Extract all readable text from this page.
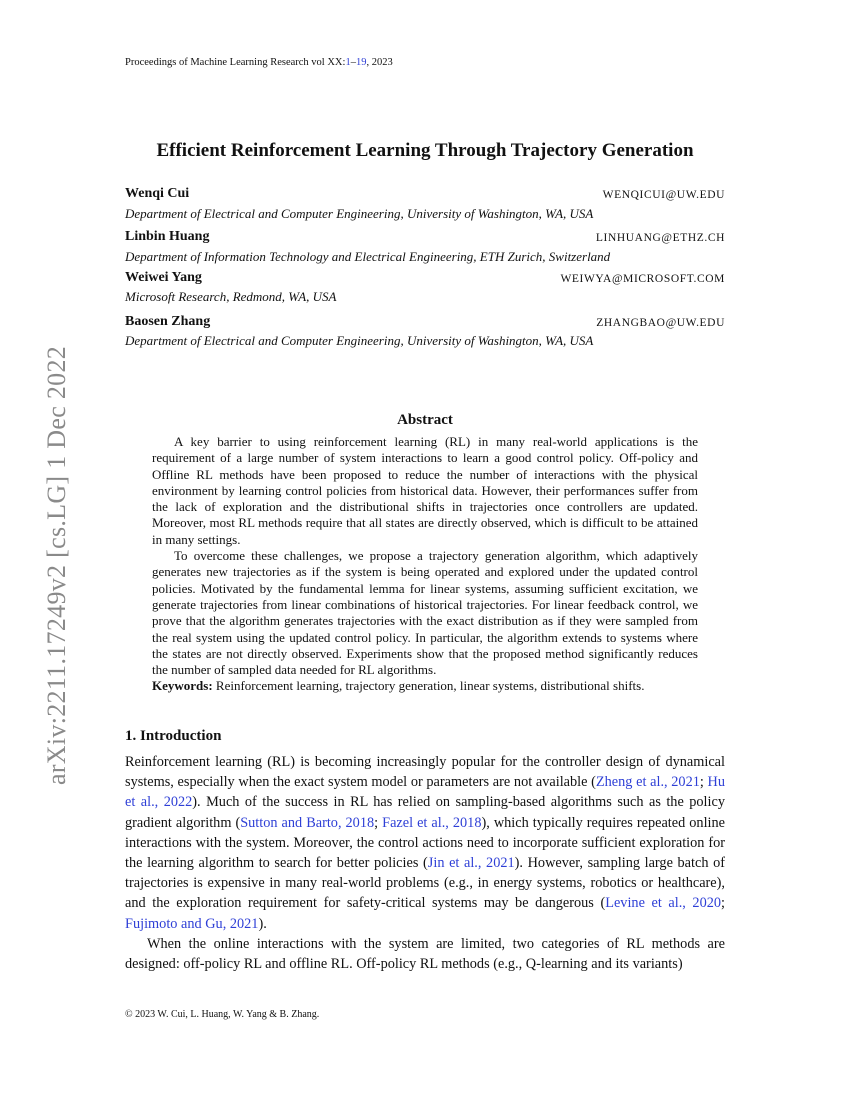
Proceedings of Machine Learning Research vol XX:1–19, 2023
Efficient Reinforcement Learning Through Trajectory Generation
Wenqi Cui	WENQICUI@UW.EDU
Department of Electrical and Computer Engineering, University of Washington, WA, USA
Linbin Huang	LINHUANG@ETHZ.CH
Department of Information Technology and Electrical Engineering, ETH Zurich, Switzerland
Weiwei Yang	WEIWYA@MICROSOFT.COM
Microsoft Research, Redmond, WA, USA
Baosen Zhang	ZHANGBAO@UW.EDU
Department of Electrical and Computer Engineering, University of Washington, WA, USA
arXiv:2211.17249v2 [cs.LG] 1 Dec 2022	Abstract

A key barrier to using reinforcement learning (RL) in many real-world applications is the requirement of a large number of system interactions to learn a good control policy. Off-policy and Offline RL methods have been proposed to reduce the number of interactions with the physical environment by learning control policies from historical data. However, their performances suffer from the lack of exploration and the distributional shifts in trajectories once controllers are updated. Moreover, most RL methods require that all states are directly observed, which is difficult to be attained in many settings.

To overcome these challenges, we propose a trajectory generation algorithm, which adaptively generates new trajectories as if the system is being operated and explored under the updated control policies. Motivated by the fundamental lemma for linear systems, assuming sufficient excitation, we generate trajectories from linear combinations of historical trajectories. For linear feedback control, we prove that the algorithm generates trajectories with the exact distribution as if they were sampled from the real system using the updated control policy. In particular, the algorithm extends to systems where the states are not directly observed. Experiments show that the proposed method significantly reduces the number of sampled data needed for RL algorithms.

Keywords: Reinforcement learning, trajectory generation, linear systems, distributional shifts.
1. Introduction

Reinforcement learning (RL) is becoming increasingly popular for the controller design of dynamical systems, especially when the exact system model or parameters are not available (Zheng et al., 2021; Hu et al., 2022). Much of the success in RL has relied on sampling-based algorithms such as the policy gradient algorithm (Sutton and Barto, 2018; Fazel et al., 2018), which typically requires repeated online interactions with the system. Moreover, the control actions need to incorporate sufficient exploration for the learning algorithm to search for better policies (Jin et al., 2021). However, sampling large batch of trajectories is expensive in many real-world problems (e.g., in energy systems, robotics or healthcare), and the exploration requirement for safety-critical systems may be dangerous (Levine et al., 2020; Fujimoto and Gu, 2021).

When the online interactions with the system are limited, two categories of RL methods are designed: off-policy RL and offline RL. Off-policy RL methods (e.g., Q-learning and its variants)

© 2023 W. Cui, L. Huang, W. Yang & B. Zhang.
